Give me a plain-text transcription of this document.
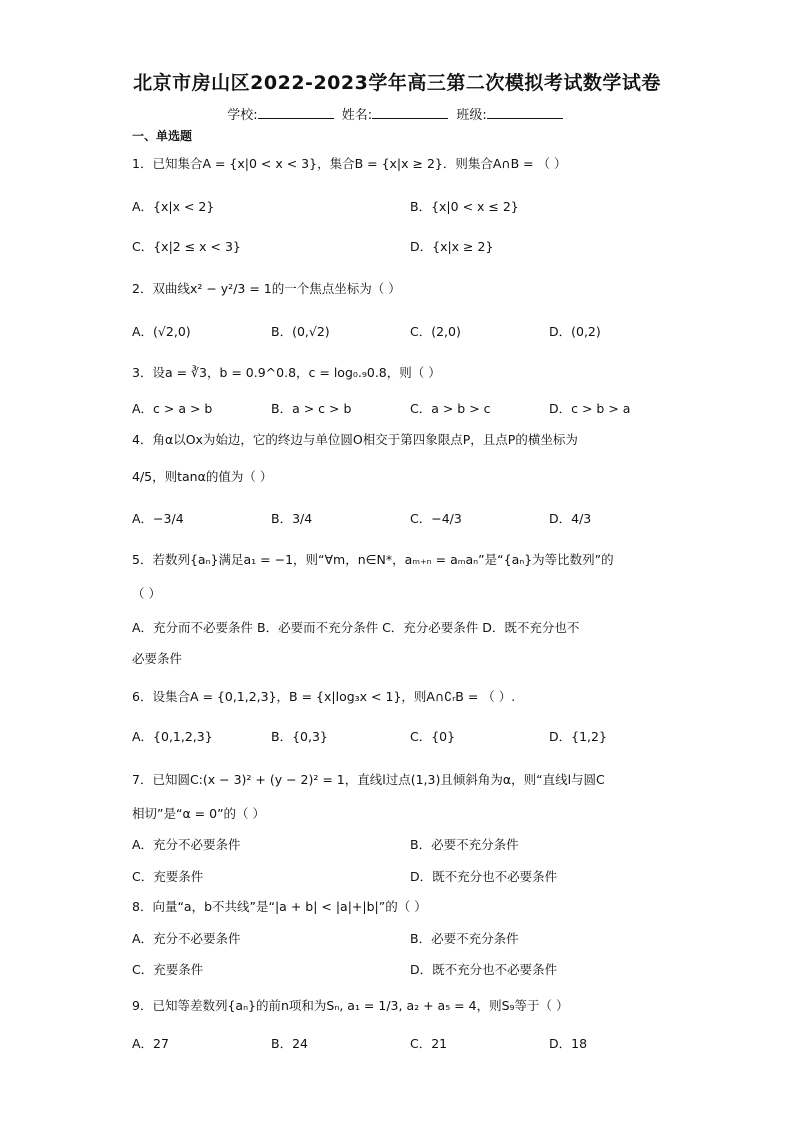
北京市房山区2022-2023学年高三第二次模拟考试数学试卷
学校:	姓名:	班级:
一、单选题
1．已知集合A = {x|0 < x < 3}，集合B = {x|x ≥ 2}．则集合A∩B = （ ）
A．{x|x < 2}	B．{x|0 < x ≤ 2}
C．{x|2 ≤ x < 3}	D．{x|x ≥ 2}
2．双曲线x² − y²/3 = 1的一个焦点坐标为（ ）
A．(√2,0)	B．(0,√2)	C．(2,0)	D．(0,2)
3．设a = ∛3，b = 0.9^0.8，c = log₀.₉0.8，则（ ）
A．c > a > b	B．a > c > b	C．a > b > c	D．c > b > a
4．角α以Ox为始边，它的终边与单位圆O相交于第四象限点P，且点P的横坐标为
4/5，则tanα的值为（ ）
A．−3/4	B．3/4	C．−4/3	D．4/3
5．若数列{aₙ}满足a₁ = −1，则“∀m，n∈N*，aₘ₊ₙ = aₘaₙ”是“{aₙ}为等比数列”的
（ ）
A．充分而不必要条件 B．必要而不充分条件 C．充分必要条件 D．既不充分也不
必要条件
6．设集合A = {0,1,2,3}，B = {x|log₃x < 1}，则A∩∁ᵣB = （ ）.
A．{0,1,2,3}	B．{0,3}	C．{0}	D．{1,2}
7．已知圆C:(x − 3)² + (y − 2)² = 1，直线l过点(1,3)且倾斜角为α，则“直线l与圆C
相切”是“α = 0”的（ ）
A．充分不必要条件	B．必要不充分条件
C．充要条件	D．既不充分也不必要条件
8．向量“a，b不共线”是“|a + b| < |a|+|b|”的（ ）
A．充分不必要条件	B．必要不充分条件
C．充要条件	D．既不充分也不必要条件
9．已知等差数列{aₙ}的前n项和为Sₙ, a₁ = 1/3, a₂ + a₅ = 4，则S₉等于（ ）
A．27	B．24	C．21	D．18
